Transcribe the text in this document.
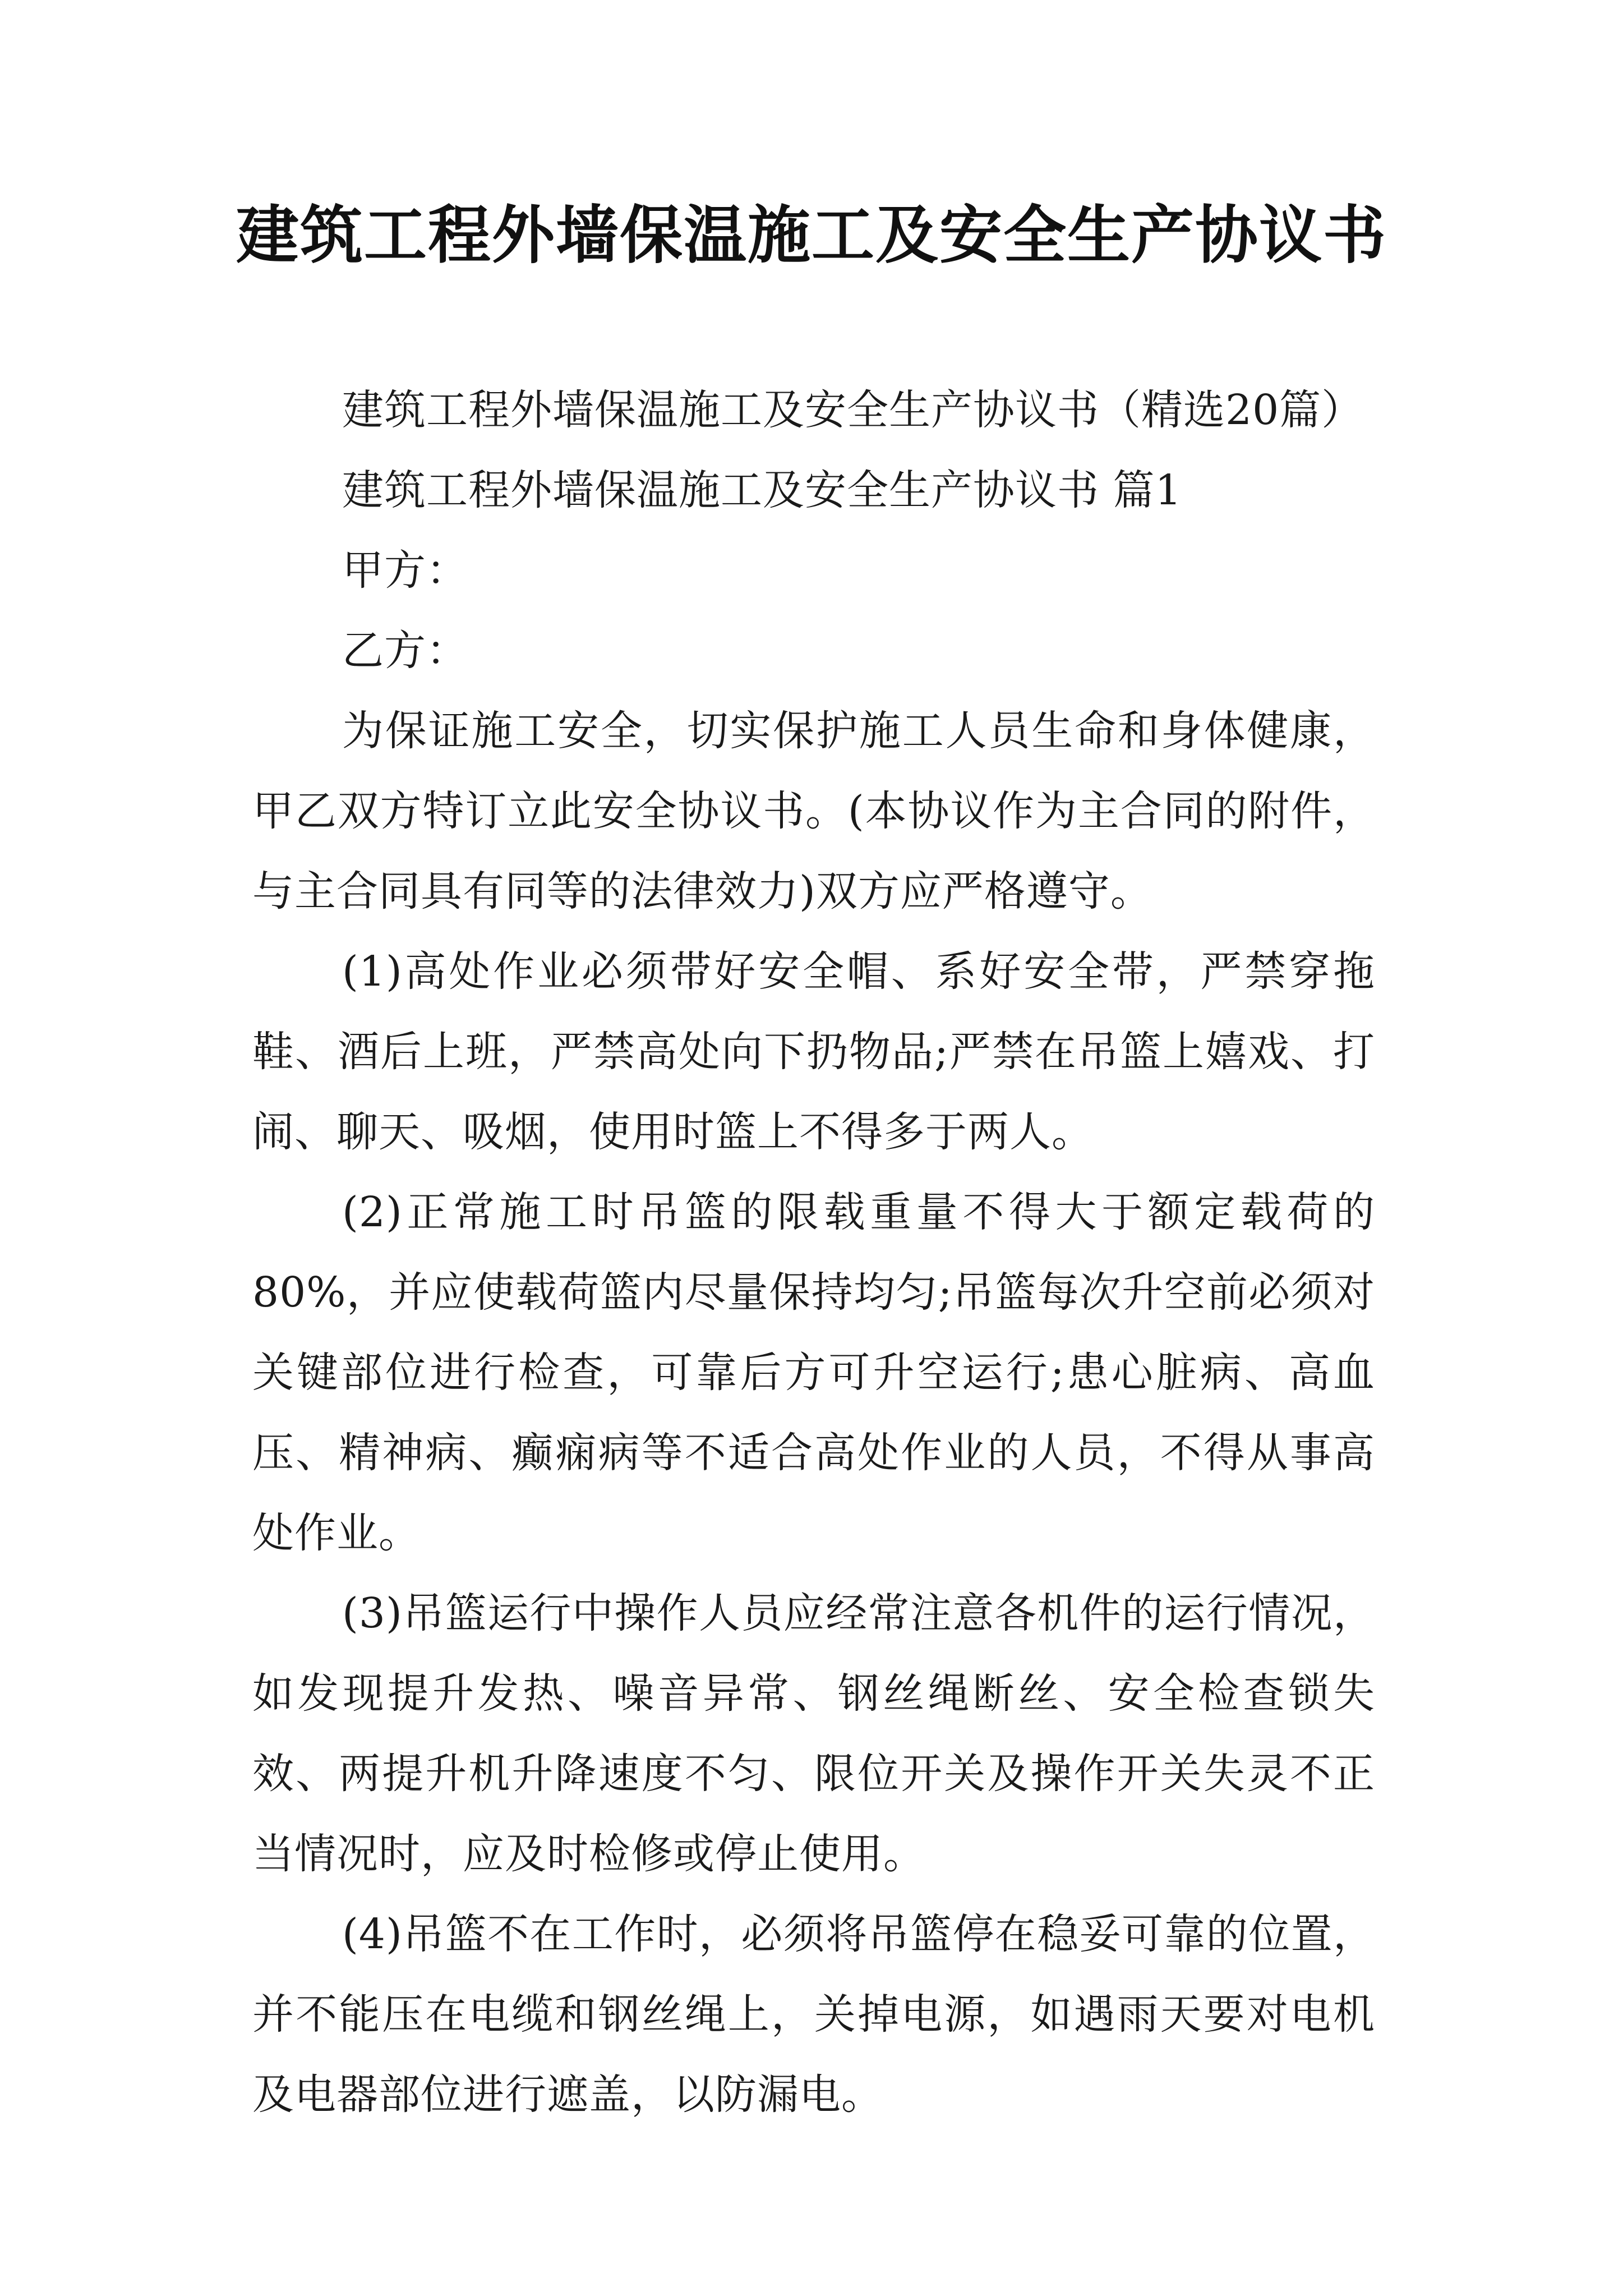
建筑工程外墙保温施工及安全生产协议书
建筑工程外墙保温施工及安全生产协议书（精选20篇）
建筑工程外墙保温施工及安全生产协议书 篇1
甲方：
乙方：

为保证施工安全，切实保护施工人员生命和身体健康，甲乙双方特订立此安全协议书。(本协议作为主合同的附件，与主合同具有同等的法律效力)双方应严格遵守。

(1)高处作业必须带好安全帽、系好安全带，严禁穿拖鞋、酒后上班，严禁高处向下扔物品;严禁在吊篮上嬉戏、打闹、聊天、吸烟，使用时篮上不得多于两人。

(2)正常施工时吊篮的限载重量不得大于额定载荷的80%，并应使载荷篮内尽量保持均匀;吊篮每次升空前必须对关键部位进行检查，可靠后方可升空运行;患心脏病、高血压、精神病、癫痫病等不适合高处作业的人员，不得从事高处作业。

(3)吊篮运行中操作人员应经常注意各机件的运行情况，如发现提升发热、噪音异常、钢丝绳断丝、安全检查锁失效、两提升机升降速度不匀、限位开关及操作开关失灵不正当情况时，应及时检修或停止使用。

(4)吊篮不在工作时，必须将吊篮停在稳妥可靠的位置，并不能压在电缆和钢丝绳上，关掉电源，如遇雨天要对电机及电器部位进行遮盖，以防漏电。
